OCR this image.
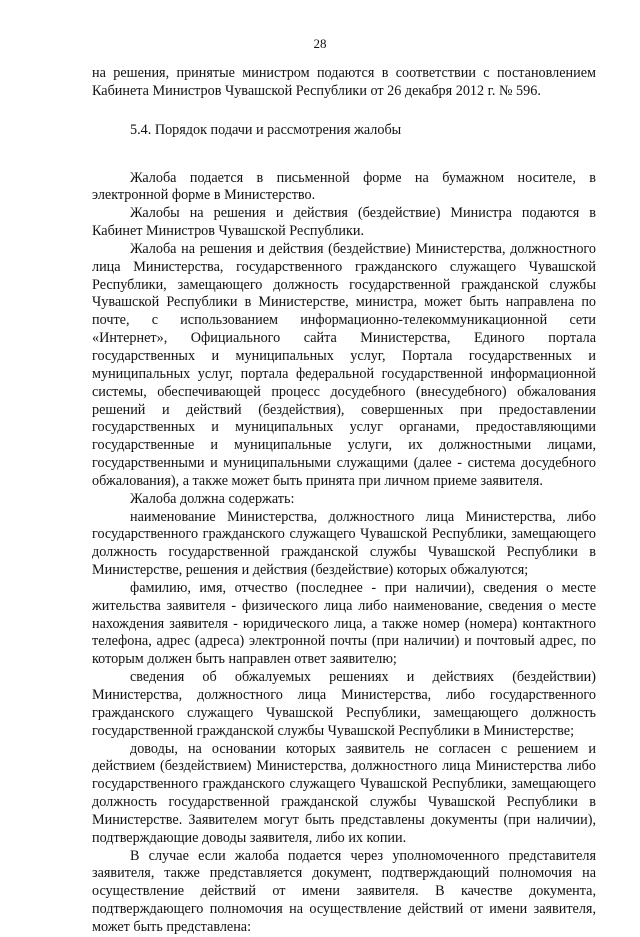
28

на решения, принятые министром подаются в соответствии с постановлением Кабинета Министров Чувашской Республики от 26 декабря 2012 г. № 596.

5.4. Порядок подачи и рассмотрения жалобы

Жалоба подается в письменной форме на бумажном носителе, в электронной форме в Министерство.

Жалобы на решения и действия (бездействие) Министра подаются в Кабинет Министров Чувашской Республики.

Жалоба на решения и действия (бездействие) Министерства, должностного лица Министерства, государственного гражданского служащего Чувашской Республики, замещающего должность государственной гражданской службы Чувашской Республики в Министерстве, министра, может быть направлена по почте, с использованием информационно-телекоммуникационной сети «Интернет», Официального сайта Министерства, Единого портала государственных и муниципальных услуг, Портала государственных и муниципальных услуг, портала федеральной государственной информационной системы, обеспечивающей процесс досудебного (внесудебного) обжалования решений и действий (бездействия), совершенных при предоставлении государственных и муниципальных услуг органами, предоставляющими государственные и муниципальные услуги, их должностными лицами, государственными и муниципальными служащими (далее - система досудебного обжалования), а также может быть принята при личном приеме заявителя.

Жалоба должна содержать:

наименование Министерства, должностного лица Министерства, либо государственного гражданского служащего Чувашской Республики, замещающего должность государственной гражданской службы Чувашской Республики в Министерстве, решения и действия (бездействие) которых обжалуются;

фамилию, имя, отчество (последнее - при наличии), сведения о месте жительства заявителя - физического лица либо наименование, сведения о месте нахождения заявителя - юридического лица, а также номер (номера) контактного телефона, адрес (адреса) электронной почты (при наличии) и почтовый адрес, по которым должен быть направлен ответ заявителю;

сведения об обжалуемых решениях и действиях (бездействии) Министерства, должностного лица Министерства, либо государственного гражданского служащего Чувашской Республики, замещающего должность государственной гражданской службы Чувашской Республики в Министерстве;

доводы, на основании которых заявитель не согласен с решением и действием (бездействием) Министерства, должностного лица Министерства либо государственного гражданского служащего Чувашской Республики, замещающего должность государственной гражданской службы Чувашской Республики в Министерстве. Заявителем могут быть представлены документы (при наличии), подтверждающие доводы заявителя, либо их копии.

В случае если жалоба подается через уполномоченного представителя заявителя, также представляется документ, подтверждающий полномочия на осуществление действий от имени заявителя. В качестве документа, подтверждающего полномочия на осуществление действий от имени заявителя, может быть представлена:
